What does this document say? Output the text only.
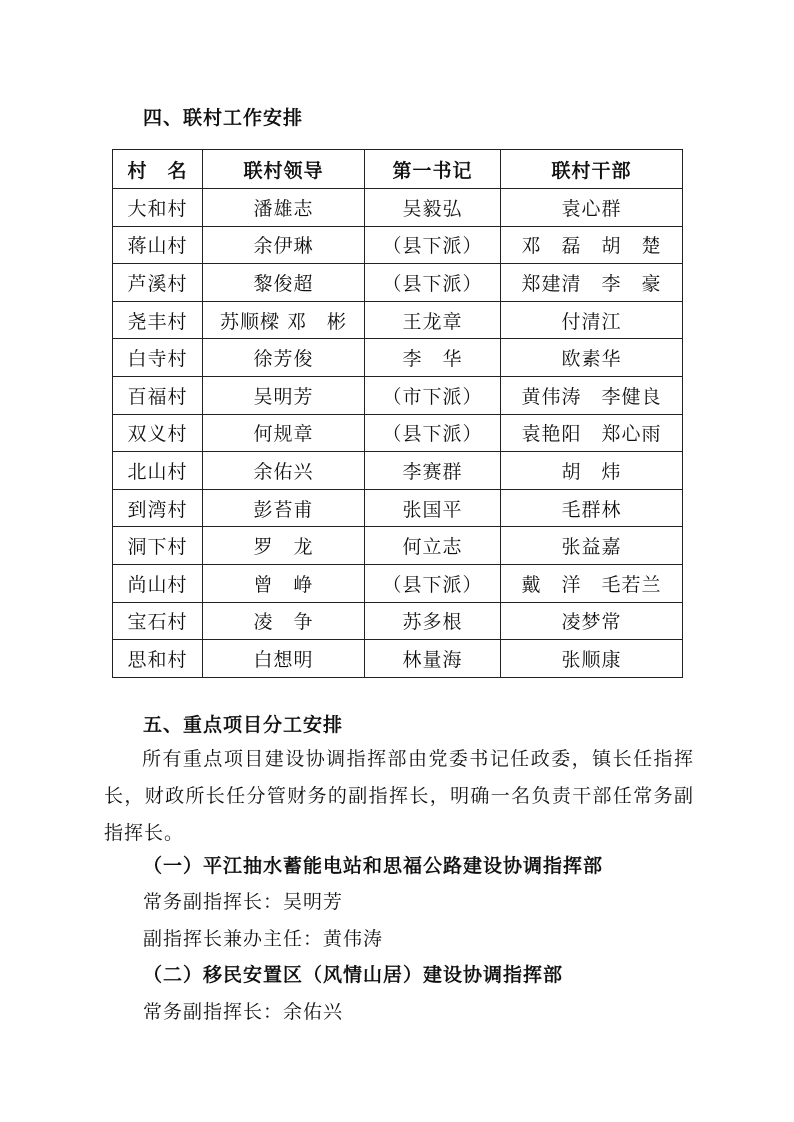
四、联村工作安排
村　名	联村领导	第一书记	联村干部
大和村	潘雄志	吴毅弘	袁心群
蒋山村	余伊琳	（县下派）	邓　磊　胡　楚
芦溪村	黎俊超	（县下派）	郑建清　李　豪
尧丰村	苏顺樑 邓　彬	王龙章	付清江
白寺村	徐芳俊	李　华	欧素华
百福村	吴明芳	（市下派）	黄伟涛　李健良
双义村	何规章	（县下派）	袁艳阳　郑心雨
北山村	余佑兴	李赛群	胡　炜
到湾村	彭苔甫	张国平	毛群林
洞下村	罗　龙	何立志	张益嘉
尚山村	曾　峥	（县下派）	戴　洋　毛若兰
宝石村	凌　争	苏多根	凌梦常
思和村	白想明	林量海	张顺康
五、重点项目分工安排
所有重点项目建设协调指挥部由党委书记任政委，镇长任指挥长，财政所长任分管财务的副指挥长，明确一名负责干部任常务副指挥长。
（一）平江抽水蓄能电站和思福公路建设协调指挥部
常务副指挥长：吴明芳
副指挥长兼办主任：黄伟涛
（二）移民安置区（风情山居）建设协调指挥部
常务副指挥长：余佑兴
